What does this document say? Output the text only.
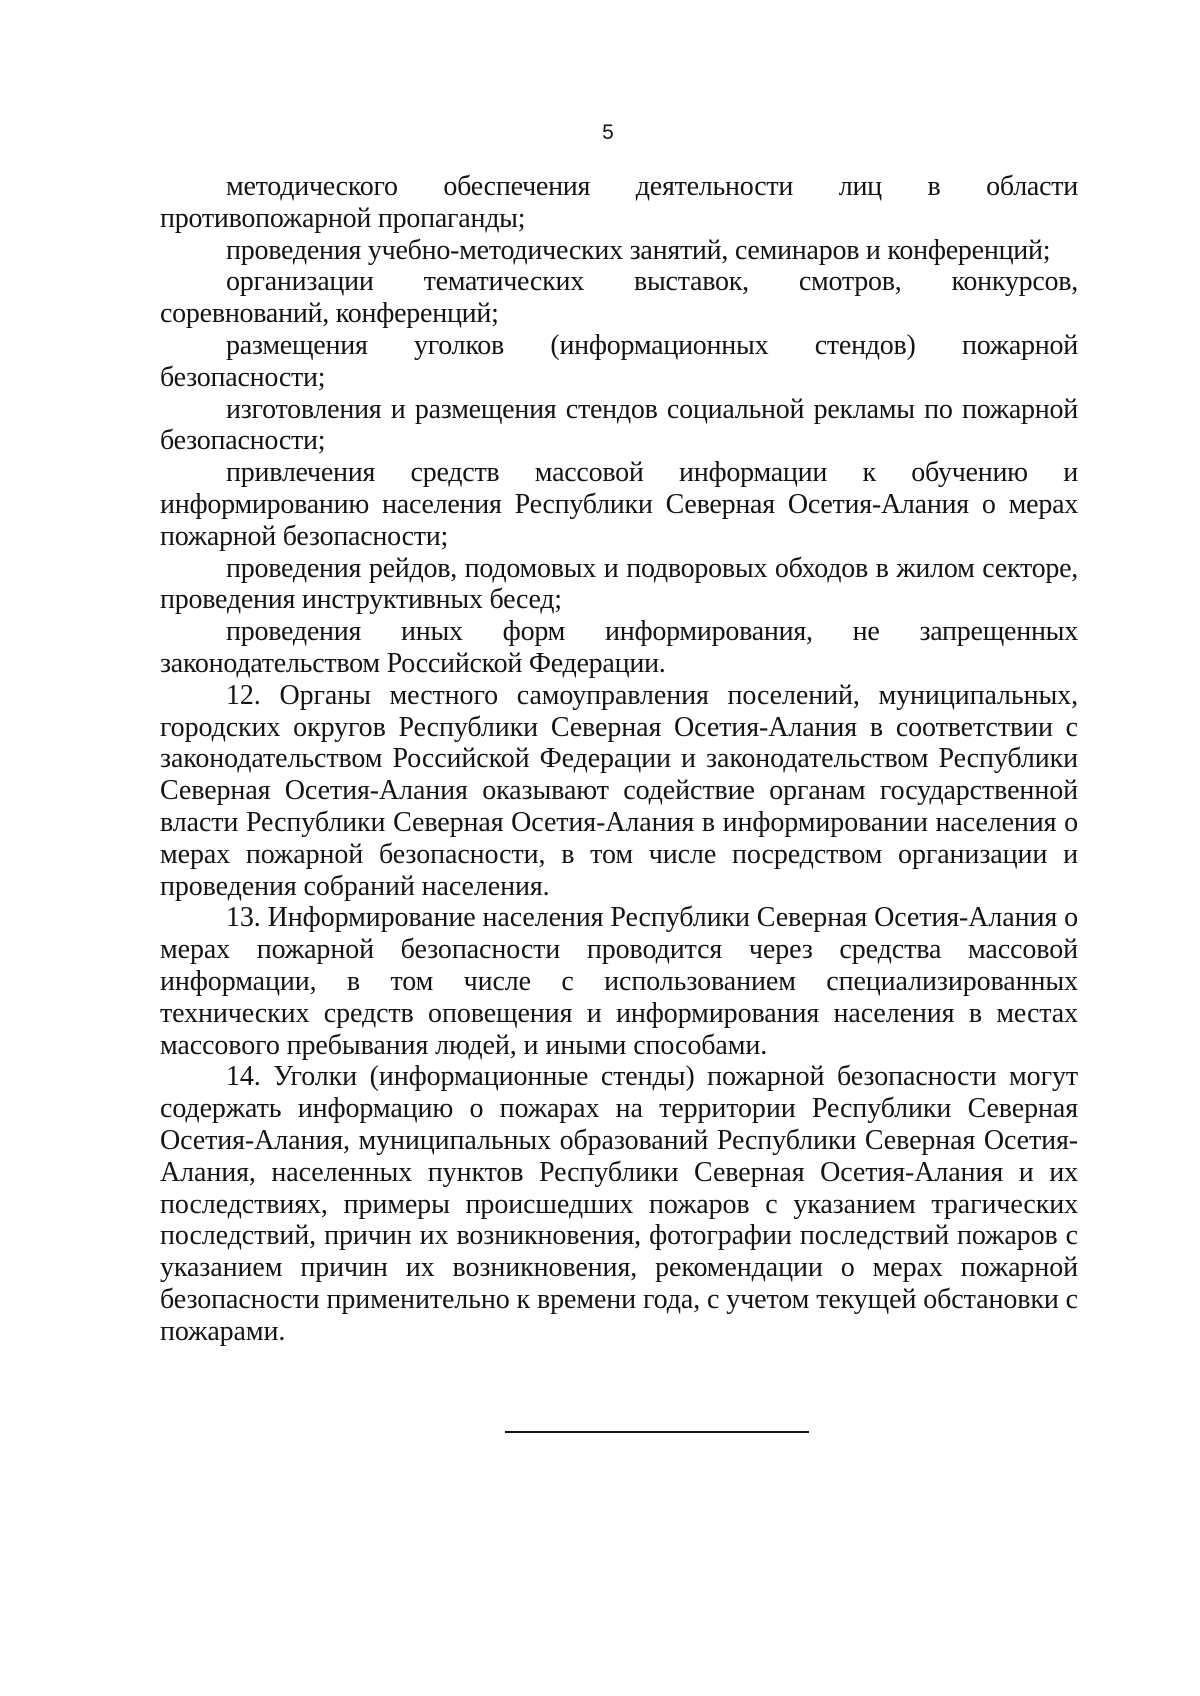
5

методического обеспечения деятельности лиц в области противопожарной пропаганды;

проведения учебно-методических занятий, семинаров и конференций;

организации тематических выставок, смотров, конкурсов, соревнований, конференций;

размещения уголков (информационных стендов) пожарной безопасности;

изготовления и размещения стендов социальной рекламы по пожарной безопасности;

привлечения средств массовой информации к обучению и информированию населения Республики Северная Осетия-Алания о мерах пожарной безопасности;

проведения рейдов, подомовых и подворовых обходов в жилом секторе, проведения инструктивных бесед;

проведения иных форм информирования, не запрещенных законодательством Российской Федерации.

12. Органы местного самоуправления поселений, муниципальных, городских округов Республики Северная Осетия-Алания в соответствии с законодательством Российской Федерации и законодательством Республики Северная Осетия-Алания оказывают содействие органам государственной власти Республики Северная Осетия-Алания в информировании населения о мерах пожарной безопасности, в том числе посредством организации и проведения собраний населения.

13. Информирование населения Республики Северная Осетия-Алания о мерах пожарной безопасности проводится через средства массовой информации, в том числе с использованием специализированных технических средств оповещения и информирования населения в местах массового пребывания людей, и иными способами.

14. Уголки (информационные стенды) пожарной безопасности могут содержать информацию о пожарах на территории Республики Северная Осетия-Алания, муниципальных образований Республики Северная Осетия-Алания, населенных пунктов Республики Северная Осетия-Алания и их последствиях, примеры происшедших пожаров с указанием трагических последствий, причин их возникновения, фотографии последствий пожаров с указанием причин их возникновения, рекомендации о мерах пожарной безопасности применительно к времени года, с учетом текущей обстановки с пожарами.
